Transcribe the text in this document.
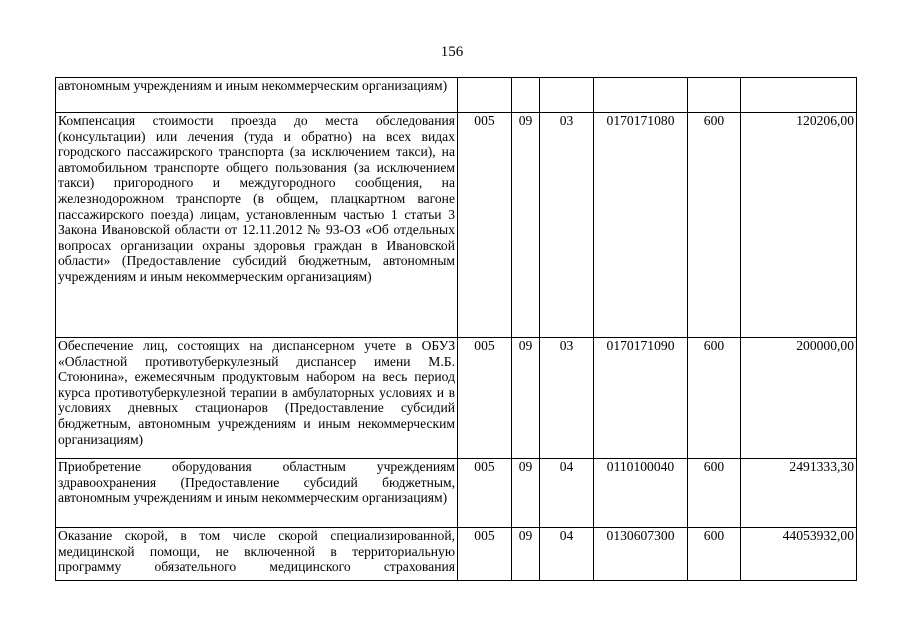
156
автономным учреждениям и иным некоммерческим организациям)						
Компенсация стоимости проезда до места обследования (консультации) или лечения (туда и обратно) на всех видах городского пассажирского транспорта (за исключением такси), на автомобильном транспорте общего пользования (за исключением такси) пригородного и междугородного сообщения, на железнодорожном транспорте (в общем, плацкартном вагоне пассажирского поезда) лицам, установленным частью 1 статьи 3 Закона Ивановской области от 12.11.2012 № 93-ОЗ «Об отдельных вопросах организации охраны здоровья граждан в Ивановской области» (Предоставление субсидий бюджетным, автономным учреждениям и иным некоммерческим организациям)	005	09	03	0170171080	600	120206,00
Обеспечение лиц, состоящих на диспансерном учете в ОБУЗ «Областной противотуберкулезный диспансер имени М.Б. Стоюнина», ежемесячным продуктовым набором на весь период курса противотуберкулезной терапии в амбулаторных условиях и в условиях дневных стационаров (Предоставление субсидий бюджетным, автономным учреждениям и иным некоммерческим организациям)	005	09	03	0170171090	600	200000,00
Приобретение оборудования областным учреждениям здравоохранения (Предоставление субсидий бюджетным, автономным учреждениям и иным некоммерческим организациям)	005	09	04	0110100040	600	2491333,30
Оказание скорой, в том числе скорой специализированной, медицинской помощи, не включенной в территориальную программу обязательного медицинского страхования	005	09	04	0130607300	600	44053932,00
